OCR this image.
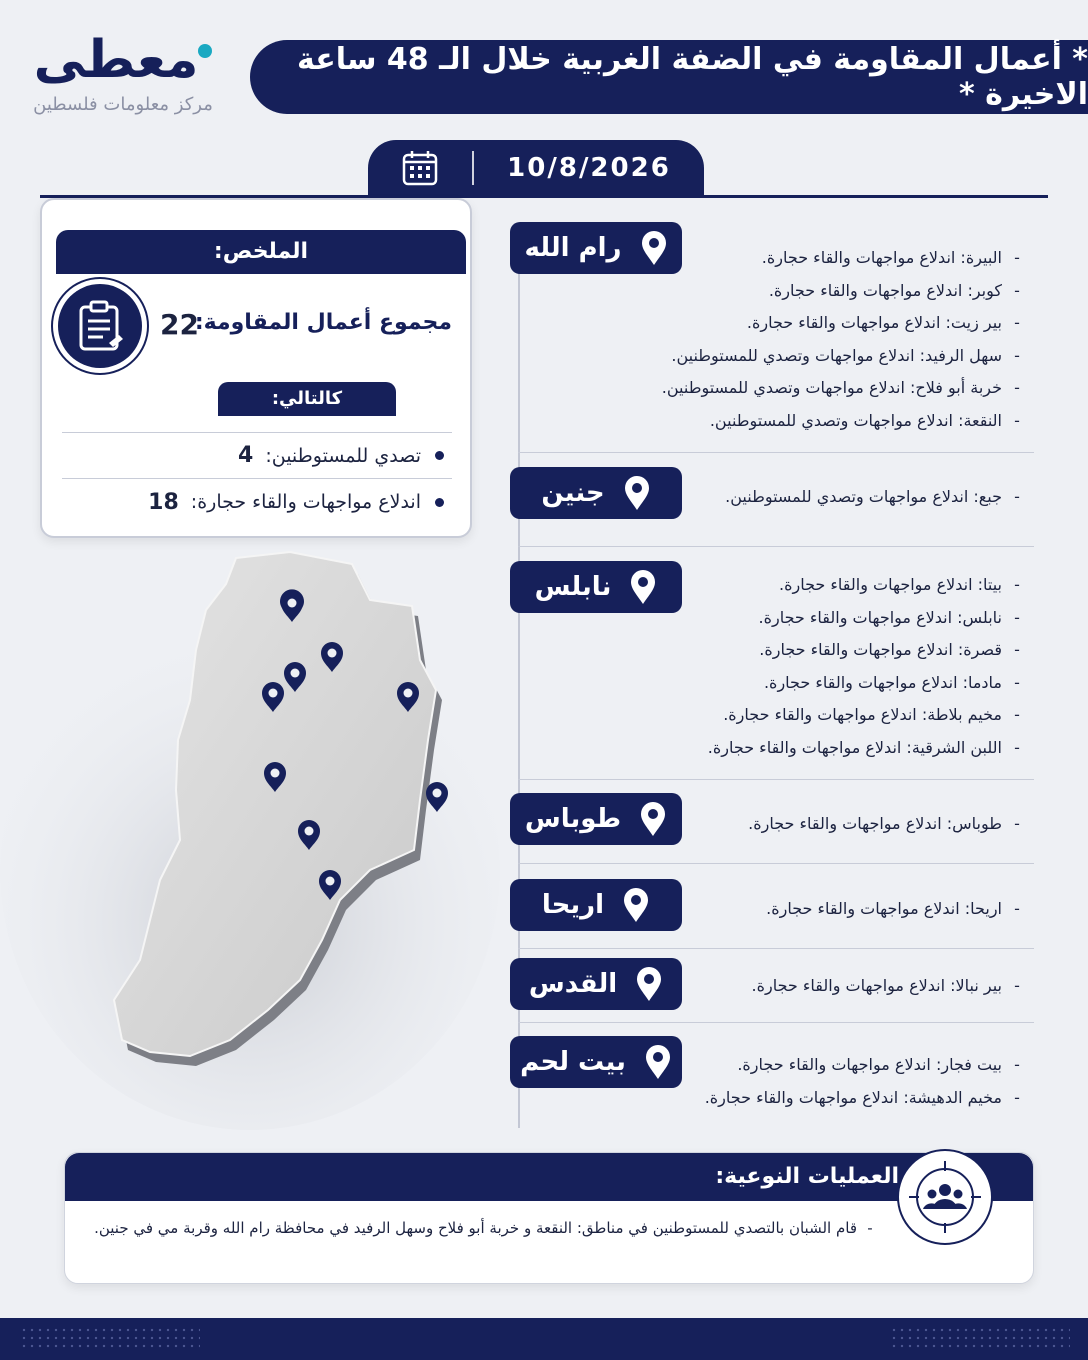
معطى
مركز معلومات فلسطين
* أعمال المقاومة في الضفة الغربية خلال الـ 48 ساعة الاخيرة *
10/8/2026
الملخص:
22
مجموع أعمال المقاومة:
كالتالي:
تصدي للمستوطنين:
4
اندلاع مواجهات والقاء حجارة:
18
رام الله	- البيرة: اندلاع مواجهات والقاء حجارة.
- كوبر: اندلاع مواجهات والقاء حجارة.
- بير زيت: اندلاع مواجهات والقاء حجارة.
- سهل الرفيد: اندلاع مواجهات وتصدي للمستوطنين.
- خربة أبو فلاح: اندلاع مواجهات وتصدي للمستوطنين.
- النقعة: اندلاع مواجهات وتصدي للمستوطنين.
جنين	- جبع: اندلاع مواجهات وتصدي للمستوطنين.
نابلس	- بيتا: اندلاع مواجهات والقاء حجارة.
- نابلس: اندلاع مواجهات والقاء حجارة.
- قصرة: اندلاع مواجهات والقاء حجارة.
- مادما: اندلاع مواجهات والقاء حجارة.
- مخيم بلاطة: اندلاع مواجهات والقاء حجارة.
- اللبن الشرقية: اندلاع مواجهات والقاء حجارة.
طوباس	- طوباس: اندلاع مواجهات والقاء حجارة.
اريحا	- اريحا: اندلاع مواجهات والقاء حجارة.
القدس	- بير نبالا: اندلاع مواجهات والقاء حجارة.
بيت لحم	- بيت فجار: اندلاع مواجهات والقاء حجارة.
- مخيم الدهيشة: اندلاع مواجهات والقاء حجارة.
العمليات النوعية:
- قام الشبان بالتصدي للمستوطنين في مناطق: النقعة و خربة أبو فلاح وسهل الرفيد في محافظة رام الله وقربة مي في جنين.
